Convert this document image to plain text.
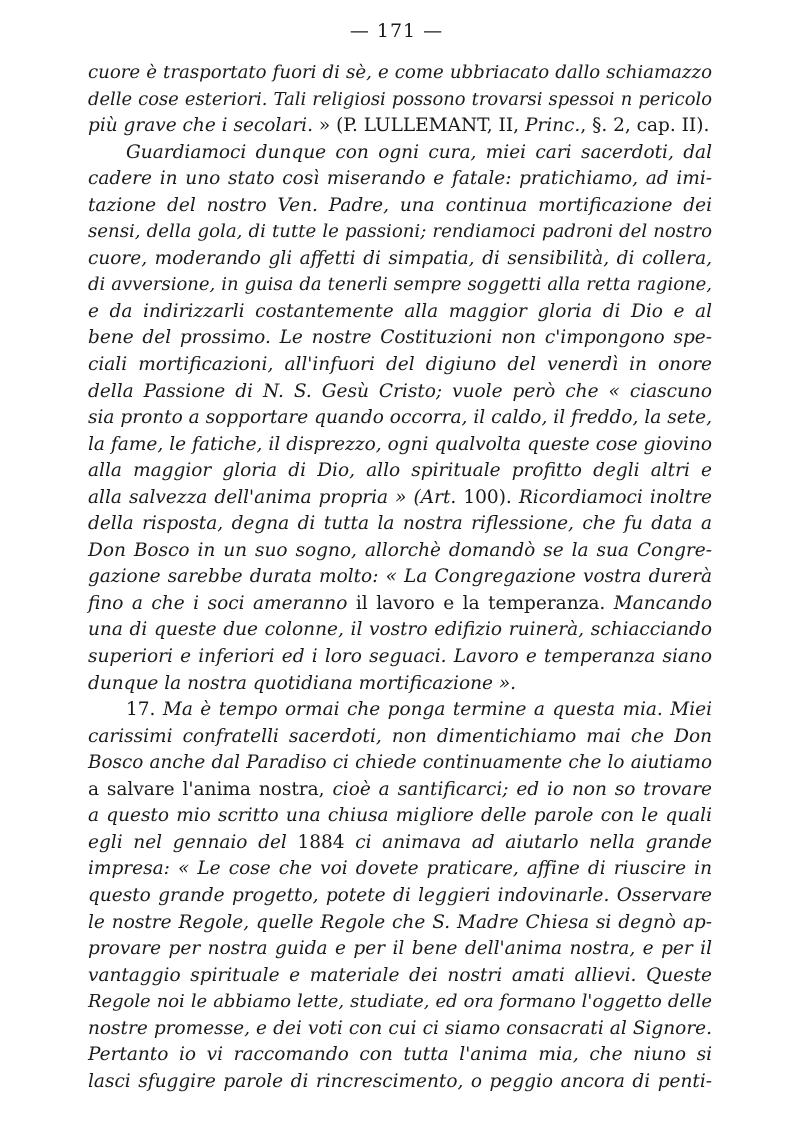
— 171 —
cuore è trasportato fuori di sè, e come ubbriacato dallo schiamazzo
delle cose esteriori. Tali religiosi possono trovarsi spessoi n pericolo
più grave che i secolari. » (P. LULLEMANT, II, Princ., §. 2, cap. II).
Guardiamoci dunque con ogni cura, miei cari sacerdoti, dal
cadere in uno stato così miserando e fatale: pratichiamo, ad imi-
tazione del nostro Ven. Padre, una continua mortificazione dei
sensi, della gola, di tutte le passioni; rendiamoci padroni del nostro
cuore, moderando gli affetti di simpatia, di sensibilità, di collera,
di avversione, in guisa da tenerli sempre soggetti alla retta ragione,
e da indirizzarli costantemente alla maggior gloria di Dio e al
bene del prossimo. Le nostre Costituzioni non c'impongono spe-
ciali mortificazioni, all'infuori del digiuno del venerdì in onore
della Passione di N. S. Gesù Cristo; vuole però che « ciascuno
sia pronto a sopportare quando occorra, il caldo, il freddo, la sete,
la fame, le fatiche, il disprezzo, ogni qualvolta queste cose giovino
alla maggior gloria di Dio, allo spirituale profitto degli altri e
alla salvezza dell'anima propria » (Art. 100). Ricordiamoci inoltre
della risposta, degna di tutta la nostra riflessione, che fu data a
Don Bosco in un suo sogno, allorchè domandò se la sua Congre-
gazione sarebbe durata molto: « La Congregazione vostra durerà
fino a che i soci ameranno il lavoro e la temperanza. Mancando
una di queste due colonne, il vostro edifizio ruinerà, schiacciando
superiori e inferiori ed i loro seguaci. Lavoro e temperanza siano
dunque la nostra quotidiana mortificazione ».
17. Ma è tempo ormai che ponga termine a questa mia. Miei
carissimi confratelli sacerdoti, non dimentichiamo mai che Don
Bosco anche dal Paradiso ci chiede continuamente che lo aiutiamo
a salvare l'anima nostra, cioè a santificarci; ed io non so trovare
a questo mio scritto una chiusa migliore delle parole con le quali
egli nel gennaio del 1884 ci animava ad aiutarlo nella grande
impresa: « Le cose che voi dovete praticare, affine di riuscire in
questo grande progetto, potete di leggieri indovinarle. Osservare
le nostre Regole, quelle Regole che S. Madre Chiesa si degnò ap-
provare per nostra guida e per il bene dell'anima nostra, e per il
vantaggio spirituale e materiale dei nostri amati allievi. Queste
Regole noi le abbiamo lette, studiate, ed ora formano l'oggetto delle
nostre promesse, e dei voti con cui ci siamo consacrati al Signore.
Pertanto io vi raccomando con tutta l'anima mia, che niuno si
lasci sfuggire parole di rincrescimento, o peggio ancora di penti-
